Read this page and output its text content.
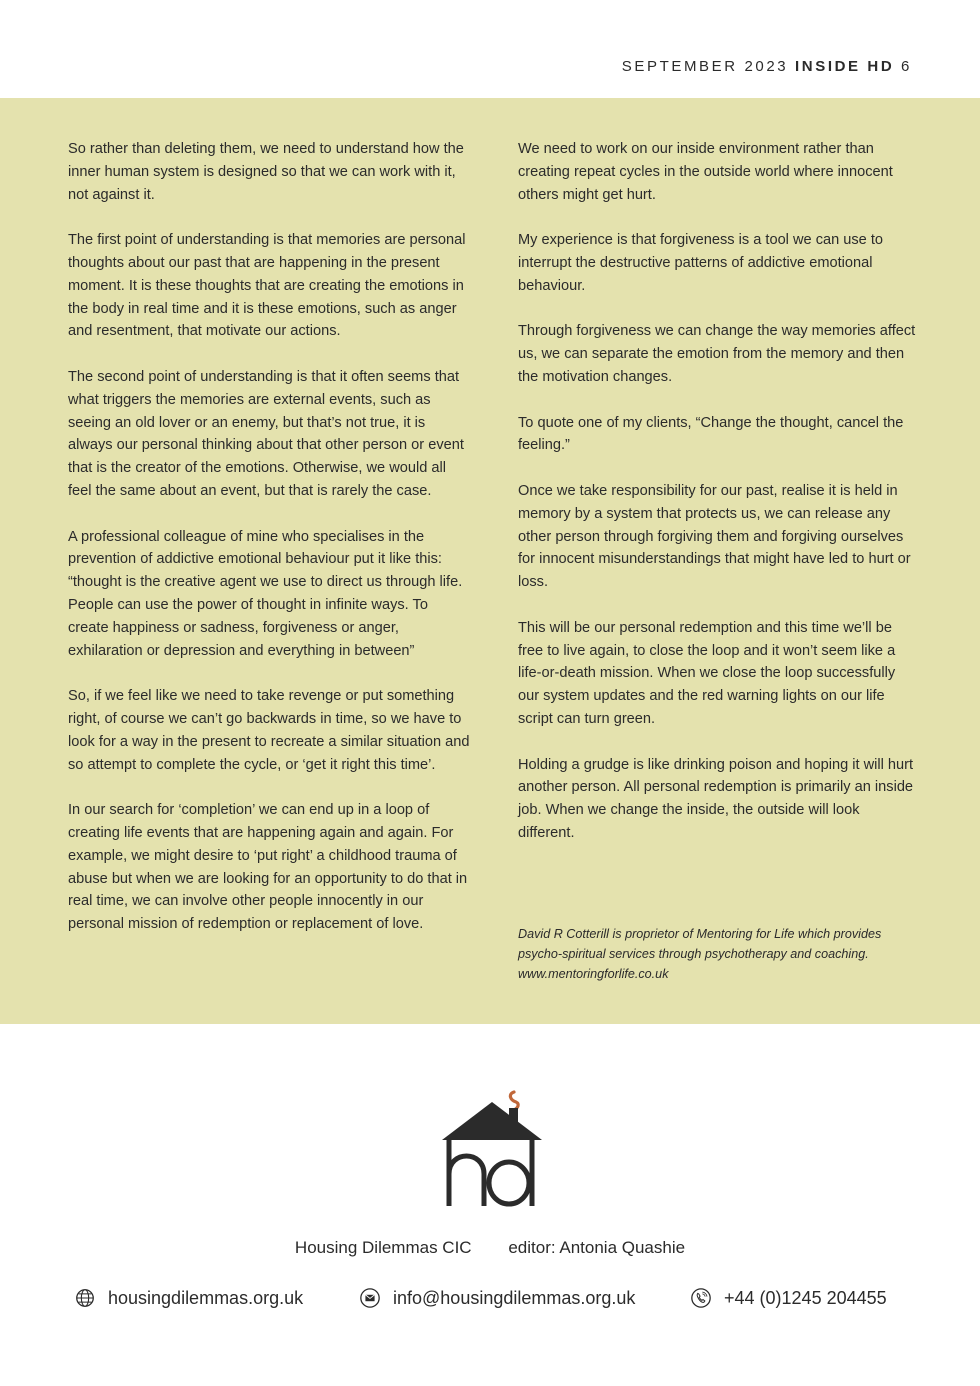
SEPTEMBER 2023 INSIDE HD 6

So rather than deleting them, we need to understand how the inner human system is designed so that we can work with it, not against it.

The first point of understanding is that memories are personal thoughts about our past that are happening in the present moment. It is these thoughts that are creating the emotions in the body in real time and it is these emotions, such as anger and resentment, that motivate our actions.

The second point of understanding is that it often seems that what triggers the memories are external events, such as seeing an old lover or an enemy, but that’s not true, it is always our personal thinking about that other person or event that is the creator of the emotions. Otherwise, we would all feel the same about an event, but that is rarely the case.

A professional colleague of mine who specialises in the prevention of addictive emotional behaviour put it like this: “thought is the creative agent we use to direct us through life. People can use the power of thought in infinite ways. To create happiness or sadness, forgiveness or anger, exhilaration or depression and everything in between”

So, if we feel like we need to take revenge or put something right, of course we can’t go backwards in time, so we have to look for a way in the present to recreate a similar situation and so attempt to complete the cycle, or ‘get it right this time’.

In our search for ‘completion’ we can end up in a loop of creating life events that are happening again and again. For example, we might desire to ‘put right’ a childhood trauma of abuse but when we are looking for an opportunity to do that in real time, we can involve other people innocently in our personal mission of redemption or replacement of love.

We need to work on our inside environment rather than creating repeat cycles in the outside world where innocent others might get hurt.

My experience is that forgiveness is a tool we can use to interrupt the destructive patterns of addictive emotional behaviour.

Through forgiveness we can change the way memories affect us, we can separate the emotion from the memory and then the motivation changes.

To quote one of my clients, “Change the thought, cancel the feeling.”

Once we take responsibility for our past, realise it is held in memory by a system that protects us, we can release any other person through forgiving them and forgiving ourselves for innocent misunderstandings that might have led to hurt or loss.

This will be our personal redemption and this time we’ll be free to live again, to close the loop and it won’t seem like a life-or-death mission. When we close the loop successfully our system updates and the red warning lights on our life script can turn green.

Holding a grudge is like drinking poison and hoping it will hurt another person. All personal redemption is primarily an inside job. When we change the inside, the outside will look different.

David R Cotterill is proprietor of Mentoring for Life which provides
psycho-spiritual services through psychotherapy and coaching.
www.mentoringforlife.co.uk
Housing Dilemmas CIC editor: Antonia Quashie
housingdilemmas.org.uk	info@housingdilemmas.org.uk	+44 (0)1245 204455
